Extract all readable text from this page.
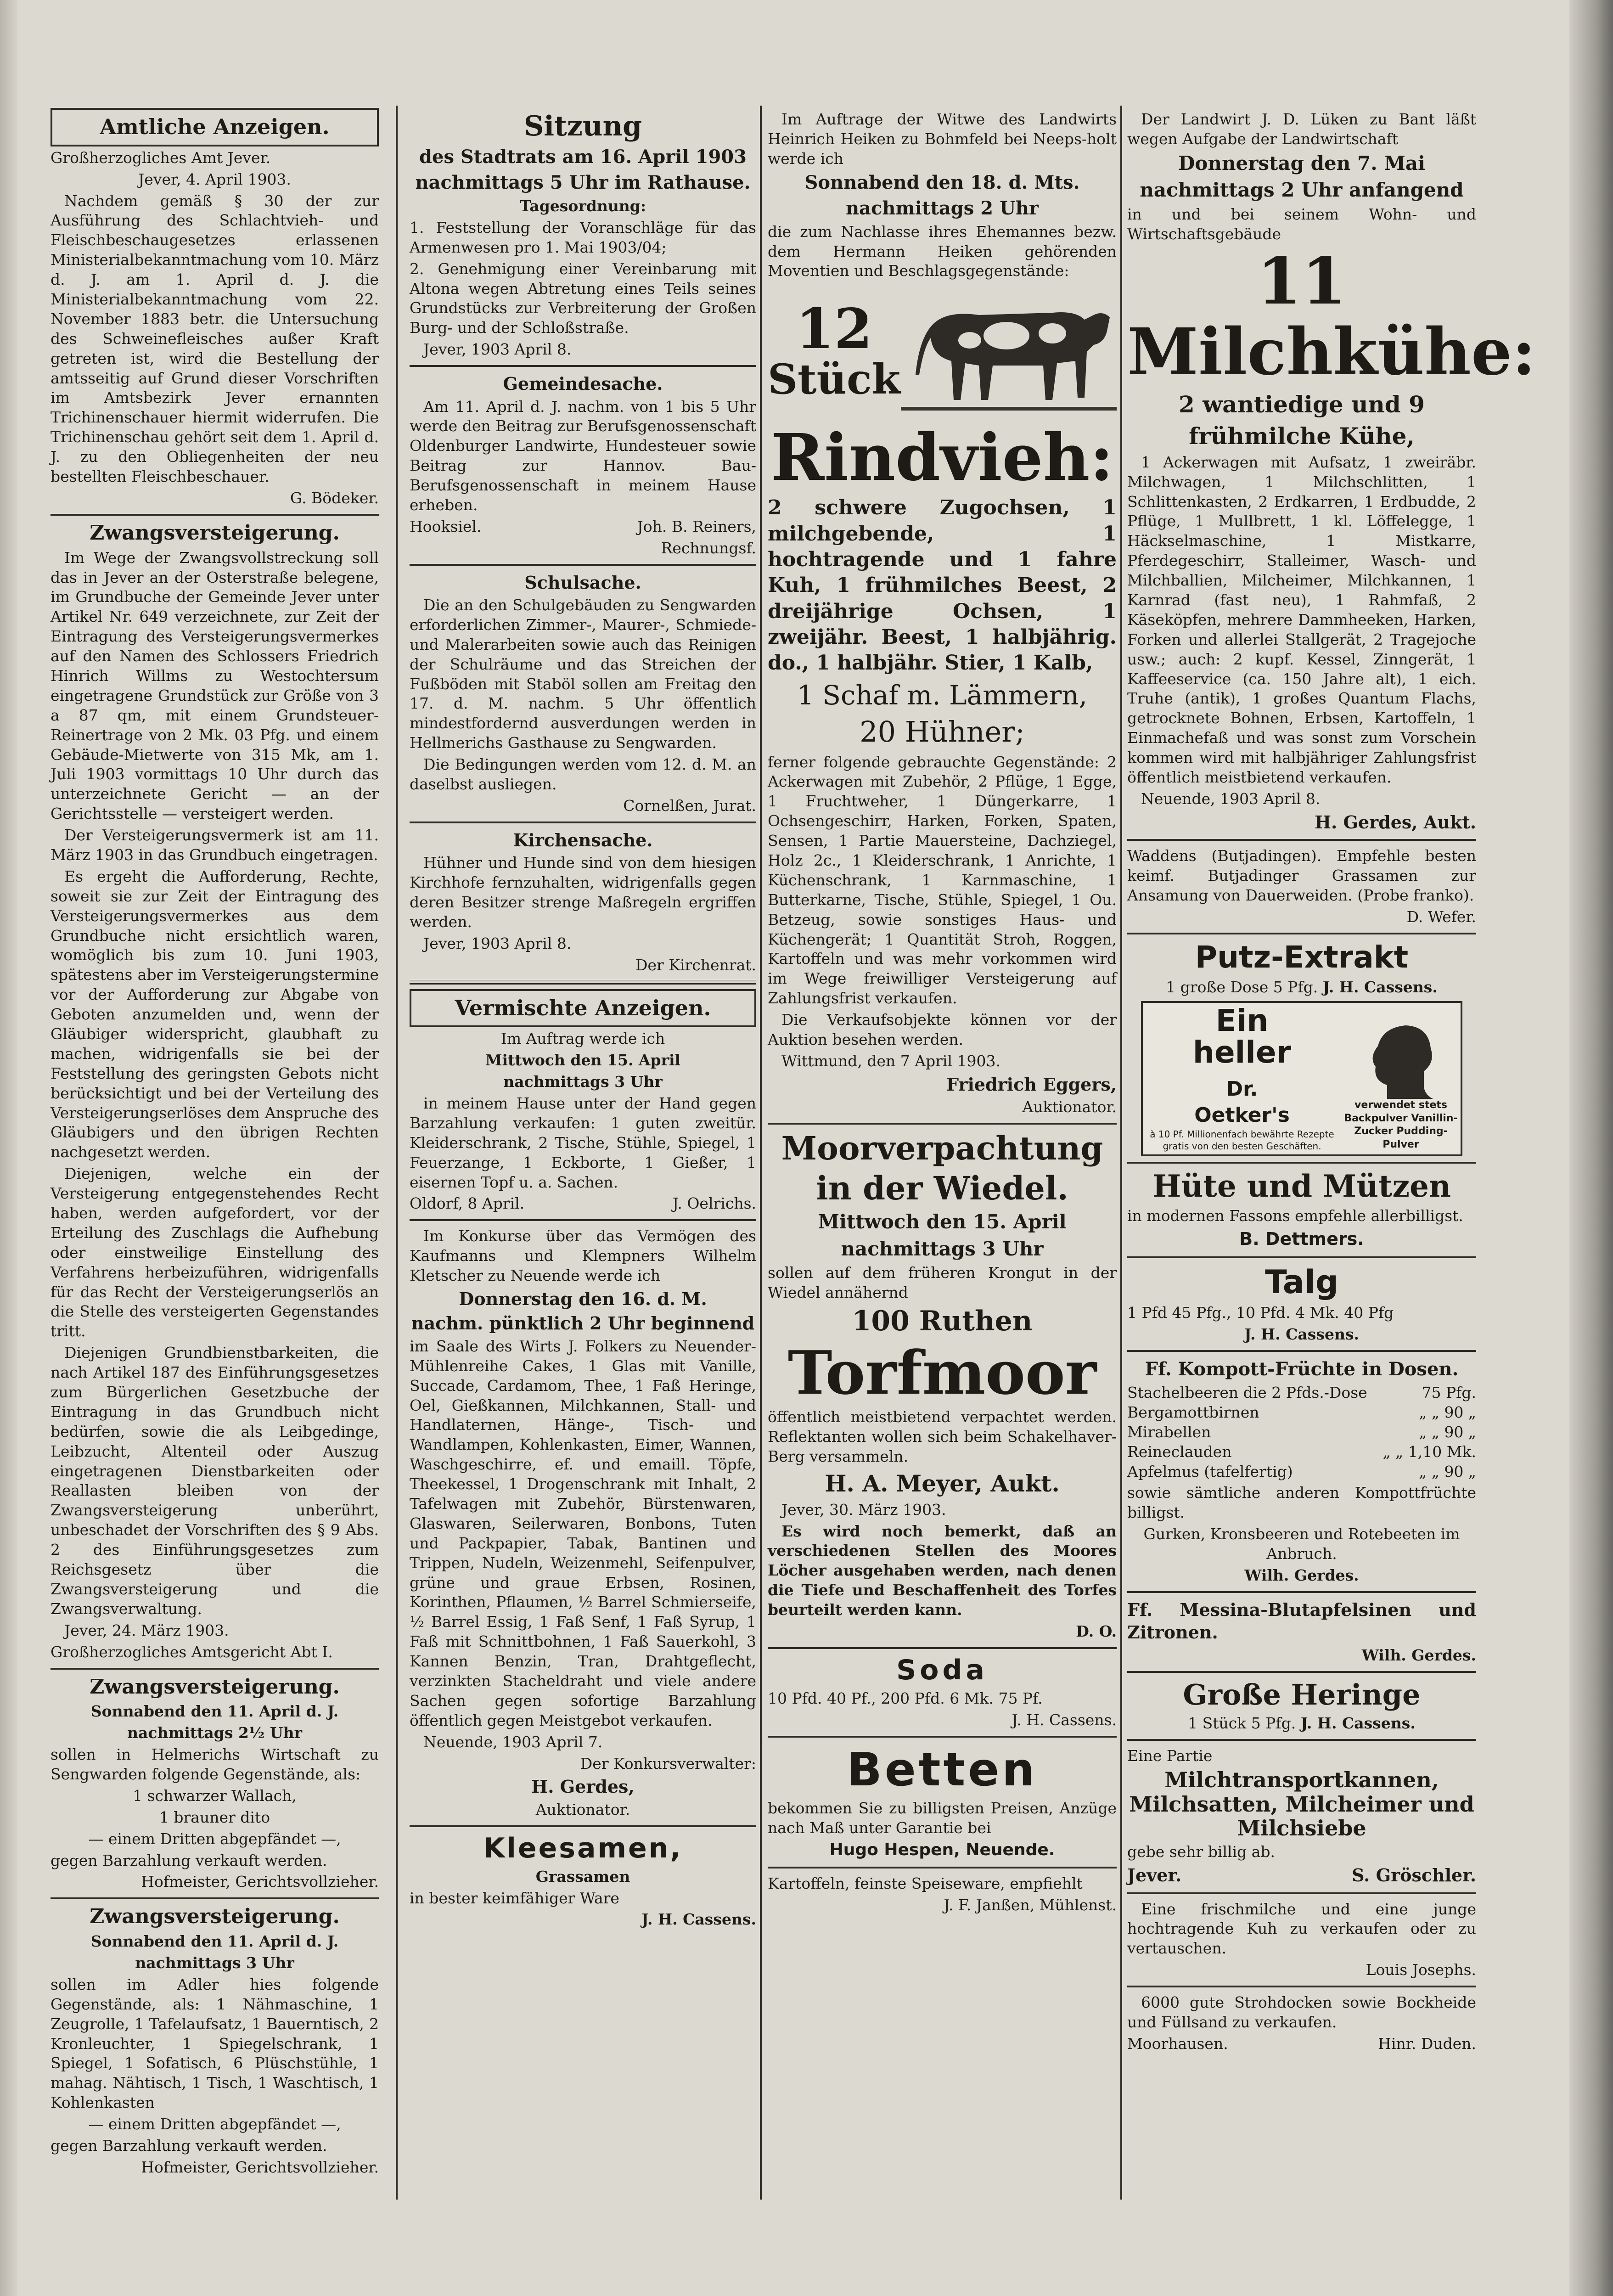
Amtliche Anzeigen.

Großherzogliches Amt Jever.

Jever, 4. April 1903.

Nachdem gemäß § 30 der zur Ausführung des Schlachtvieh- und Fleischbeschaugesetzes erlassenen Ministerialbekanntmachung vom 10. März d. J. am 1. April d. J. die Ministerialbekanntmachung vom 22. November 1883 betr. die Untersuchung des Schweinefleisches außer Kraft getreten ist, wird die Bestellung der amtsseitig auf Grund dieser Vorschriften im Amtsbezirk Jever ernannten Trichinenschauer hiermit widerrufen. Die Trichinenschau gehört seit dem 1. April d. J. zu den Obliegenheiten der neu bestellten Fleischbeschauer.

G. Bödeker.

Zwangsversteigerung.

Im Wege der Zwangsvollstreckung soll das in Jever an der Osterstraße belegene, im Grundbuche der Gemeinde Jever unter Artikel Nr. 649 verzeichnete, zur Zeit der Eintragung des Versteigerungsvermerkes auf den Namen des Schlossers Friedrich Hinrich Willms zu Westochtersum eingetragene Grundstück zur Größe von 3 a 87 qm, mit einem Grundsteuer-Reinertrage von 2 Mk. 03 Pfg. und einem Gebäude-Mietwerte von 315 Mk, am 1. Juli 1903 vormittags 10 Uhr durch das unterzeichnete Gericht — an der Gerichtsstelle — versteigert werden.

Der Versteigerungsvermerk ist am 11. März 1903 in das Grundbuch eingetragen.

Es ergeht die Aufforderung, Rechte, soweit sie zur Zeit der Eintragung des Versteigerungsvermerkes aus dem Grundbuche nicht ersichtlich waren, womöglich bis zum 10. Juni 1903, spätestens aber im Versteigerungstermine vor der Aufforderung zur Abgabe von Geboten anzumelden und, wenn der Gläubiger widerspricht, glaubhaft zu machen, widrigenfalls sie bei der Feststellung des geringsten Gebots nicht berücksichtigt und bei der Verteilung des Versteigerungserlöses dem Anspruche des Gläubigers und den übrigen Rechten nachgesetzt werden.

Diejenigen, welche ein der Versteigerung entgegenstehendes Recht haben, werden aufgefordert, vor der Erteilung des Zuschlags die Aufhebung oder einstweilige Einstellung des Verfahrens herbeizuführen, widrigenfalls für das Recht der Versteigerungserlös an die Stelle des versteigerten Gegenstandes tritt.

Diejenigen Grundbienstbarkeiten, die nach Artikel 187 des Einführungsgesetzes zum Bürgerlichen Gesetzbuche der Eintragung in das Grundbuch nicht bedürfen, sowie die als Leibgedinge, Leibzucht, Altenteil oder Auszug eingetragenen Dienstbarkeiten oder Reallasten bleiben von der Zwangsversteigerung unberührt, unbeschadet der Vorschriften des § 9 Abs. 2 des Einführungsgesetzes zum Reichsgesetz über die Zwangsversteigerung und die Zwangsverwaltung.

Jever, 24. März 1903.

Großherzogliches Amtsgericht Abt I.

Zwangsversteigerung.

Sonnabend den 11. April d. J.

nachmittags 2½ Uhr

sollen in Helmerichs Wirtschaft zu Sengwarden folgende Gegenstände, als:

1 schwarzer Wallach,

1 brauner dito

— einem Dritten abgepfändet —,

gegen Barzahlung verkauft werden.

Hofmeister, Gerichtsvollzieher.

Zwangsversteigerung.

Sonnabend den 11. April d. J.

nachmittags 3 Uhr

sollen im Adler hies folgende Gegenstände, als: 1 Nähmaschine, 1 Zeugrolle, 1 Tafelaufsatz, 1 Bauerntisch, 2 Kronleuchter, 1 Spiegelschrank, 1 Spiegel, 1 Sofatisch, 6 Plüschstühle, 1 mahag. Nähtisch, 1 Tisch, 1 Waschtisch, 1 Kohlenkasten

— einem Dritten abgepfändet —,

gegen Barzahlung verkauft werden.

Hofmeister, Gerichtsvollzieher.

Sitzung

des Stadtrats am 16. April 1903

nachmittags 5 Uhr im Rathause.

Tagesordnung:

1. Feststellung der Voranschläge für das Armenwesen pro 1. Mai 1903/04;

2. Genehmigung einer Vereinbarung mit Altona wegen Abtretung eines Teils seines Grundstücks zur Verbreiterung der Großen Burg- und der Schloßstraße.

Jever, 1903 April 8.

Gemeindesache.

Am 11. April d. J. nachm. von 1 bis 5 Uhr werde den Beitrag zur Berufsgenossenschaft Oldenburger Landwirte, Hundesteuer sowie Beitrag zur Hannov. Bau-Berufsgenossenschaft in meinem Hause erheben.

Hooksiel.	Joh. B. Reiners,

Rechnungsf.

Schulsache.

Die an den Schulgebäuden zu Sengwarden erforderlichen Zimmer-, Maurer-, Schmiede- und Malerarbeiten sowie auch das Reinigen der Schulräume und das Streichen der Fußböden mit Staböl sollen am Freitag den 17. d. M. nachm. 5 Uhr öffentlich mindestfordernd ausverdungen werden in Hellmerichs Gasthause zu Sengwarden.

Die Bedingungen werden vom 12. d. M. an daselbst ausliegen.

Cornelßen, Jurat.

Kirchensache.

Hühner und Hunde sind von dem hiesigen Kirchhofe fernzuhalten, widrigenfalls gegen deren Besitzer strenge Maßregeln ergriffen werden.

Jever, 1903 April 8.

Der Kirchenrat.

Vermischte Anzeigen.

Im Auftrag werde ich

Mittwoch den 15. April

nachmittags 3 Uhr

in meinem Hause unter der Hand gegen Barzahlung verkaufen: 1 guten zweitür. Kleiderschrank, 2 Tische, Stühle, Spiegel, 1 Feuerzange, 1 Eckborte, 1 Gießer, 1 eisernen Topf u. a. Sachen.

Oldorf, 8 April.	J. Oelrichs.

Im Konkurse über das Vermögen des Kaufmanns und Klempners Wilhelm Kletscher zu Neuende werde ich

Donnerstag den 16. d. M.

nachm. pünktlich 2 Uhr beginnend

im Saale des Wirts J. Folkers zu Neuender-Mühlenreihe Cakes, 1 Glas mit Vanille, Succade, Cardamom, Thee, 1 Faß Heringe, Oel, Gießkannen, Milchkannen, Stall- und Handlaternen, Hänge-, Tisch- und Wandlampen, Kohlenkasten, Eimer, Wannen, Waschgeschirre, ef. und emaill. Töpfe, Theekessel, 1 Drogenschrank mit Inhalt, 2 Tafelwagen mit Zubehör, Bürstenwaren, Glaswaren, Seilerwaren, Bonbons, Tuten und Packpapier, Tabak, Bantinen und Trippen, Nudeln, Weizenmehl, Seifenpulver, grüne und graue Erbsen, Rosinen, Korinthen, Pflaumen, ½ Barrel Schmierseife, ½ Barrel Essig, 1 Faß Senf, 1 Faß Syrup, 1 Faß mit Schnittbohnen, 1 Faß Sauerkohl, 3 Kannen Benzin, Tran, Drahtgeflecht, verzinkten Stacheldraht und viele andere Sachen gegen sofortige Barzahlung öffentlich gegen Meistgebot verkaufen.

Neuende, 1903 April 7.

Der Konkursverwalter:

H. Gerdes,

Auktionator.

Kleesamen,

Grassamen

in bester keimfähiger Ware

J. H. Cassens.

Im Auftrage der Witwe des Landwirts Heinrich Heiken zu Bohmfeld bei Neeps-holt werde ich

Sonnabend den 18. d. Mts.

nachmittags 2 Uhr

die zum Nachlasse ihres Ehemannes bezw. dem Hermann Heiken gehörenden Moventien und Beschlagsgegenstände:

12
Stück
Rindvieh:

2 schwere Zugochsen, 1 milchgebende, 1 hochtragende und 1 fahre Kuh, 1 frühmilches Beest, 2 dreijährige Ochsen, 1 zweijähr. Beest, 1 halbjährig. do., 1 halbjähr. Stier, 1 Kalb,

1 Schaf m. Lämmern,

20 Hühner;

ferner folgende gebrauchte Gegenstände: 2 Ackerwagen mit Zubehör, 2 Pflüge, 1 Egge, 1 Fruchtweher, 1 Düngerkarre, 1 Ochsengeschirr, Harken, Forken, Spaten, Sensen, 1 Partie Mauersteine, Dachziegel, Holz 2c., 1 Kleiderschrank, 1 Anrichte, 1 Küchenschrank, 1 Karnmaschine, 1 Butterkarne, Tische, Stühle, Spiegel, 1 Ou. Betzeug, sowie sonstiges Haus- und Küchengerät; 1 Quantität Stroh, Roggen, Kartoffeln und was mehr vorkommen wird im Wege freiwilliger Versteigerung auf Zahlungsfrist verkaufen.

Die Verkaufsobjekte können vor der Auktion besehen werden.

Wittmund, den 7 April 1903.

Friedrich Eggers,

Auktionator.

Moorverpachtung
in der Wiedel.

Mittwoch den 15. April

nachmittags 3 Uhr

sollen auf dem früheren Krongut in der Wiedel annähernd

100 Ruthen
Torfmoor

öffentlich meistbietend verpachtet werden. Reflektanten wollen sich beim Schakelhaver-Berg versammeln.

H. A. Meyer, Aukt.

Jever, 30. März 1903.

Es wird noch bemerkt, daß an verschiedenen Stellen des Moores Löcher ausgehaben werden, nach denen die Tiefe und Beschaffenheit des Torfes beurteilt werden kann.

D. O.

Soda

10 Pfd. 40 Pf., 200 Pfd. 6 Mk. 75 Pf.

J. H. Cassens.

Betten

bekommen Sie zu billigsten Preisen, Anzüge nach Maß unter Garantie bei

Hugo Hespen, Neuende.

Kartoffeln, feinste Speiseware, empfiehlt

J. F. Janßen, Mühlenst.

Der Landwirt J. D. Lüken zu Bant läßt wegen Aufgabe der Landwirtschaft

Donnerstag den 7. Mai

nachmittags 2 Uhr anfangend

in und bei seinem Wohn- und Wirtschaftsgebäude

11 Milchkühe:

2 wantiedige und 9

frühmilche Kühe,

1 Ackerwagen mit Aufsatz, 1 zweiräbr. Milchwagen, 1 Milchschlitten, 1 Schlittenkasten, 2 Erdkarren, 1 Erdbudde, 2 Pflüge, 1 Mullbrett, 1 kl. Löffelegge, 1 Häckselmaschine, 1 Mistkarre, Pferdegeschirr, Stalleimer, Wasch- und Milchballien, Milcheimer, Milchkannen, 1 Karnrad (fast neu), 1 Rahmfaß, 2 Käseköpfen, mehrere Dammheeken, Harken, Forken und allerlei Stallgerät, 2 Tragejoche usw.; auch: 2 kupf. Kessel, Zinngerät, 1 Kaffeeservice (ca. 150 Jahre alt), 1 eich. Truhe (antik), 1 großes Quantum Flachs, getrocknete Bohnen, Erbsen, Kartoffeln, 1 Einmachefaß und was sonst zum Vorschein kommen wird mit halbjähriger Zahlungsfrist öffentlich meistbietend verkaufen.

Neuende, 1903 April 8.

H. Gerdes, Aukt.

Waddens (Butjadingen). Empfehle besten keimf. Butjadinger Grassamen zur Ansamung von Dauerweiden. (Probe franko).

D. Wefer.

Putz-Extrakt

1 große Dose 5 Pfg. J. H. Cassens.

Ein
heller
Dr.
Oetker's
à 10 Pf. Millionenfach bewährte Rezepte gratis von den besten Geschäften.
verwendet stets
Backpulver Vanillin-Zucker Pudding-Pulver
Hüte und Mützen

in modernen Fassons empfehle allerbilligst.

B. Dettmers.

Talg

1 Pfd 45 Pfg., 10 Pfd. 4 Mk. 40 Pfg

J. H. Cassens.

Ff. Kompott-Früchte in Dosen.
Stachelbeeren die 2 Pfds.-Dose	75 Pfg.
Bergamottbirnen	„ „ 90 „
Mirabellen	„ „ 90 „
Reineclauden	„ „ 1,10 Mk.
Apfelmus (tafelfertig)	„ „ 90 „

sowie sämtliche anderen Kompottfrüchte billigst.

Gurken, Kronsbeeren und Rotebeeten im Anbruch.

Wilh. Gerdes.

Ff. Messina-Blutapfelsinen und Zitronen.

Wilh. Gerdes.

Große Heringe

1 Stück 5 Pfg. J. H. Cassens.

Eine Partie

Milchtransportkannen, Milchsatten, Milcheimer und Milchsiebe

gebe sehr billig ab.

Jever.	S. Gröschler.

Eine frischmilche und eine junge hochtragende Kuh zu verkaufen oder zu vertauschen.

Louis Josephs.

6000 gute Strohdocken sowie Bockheide und Füllsand zu verkaufen.

Moorhausen.	Hinr. Duden.
